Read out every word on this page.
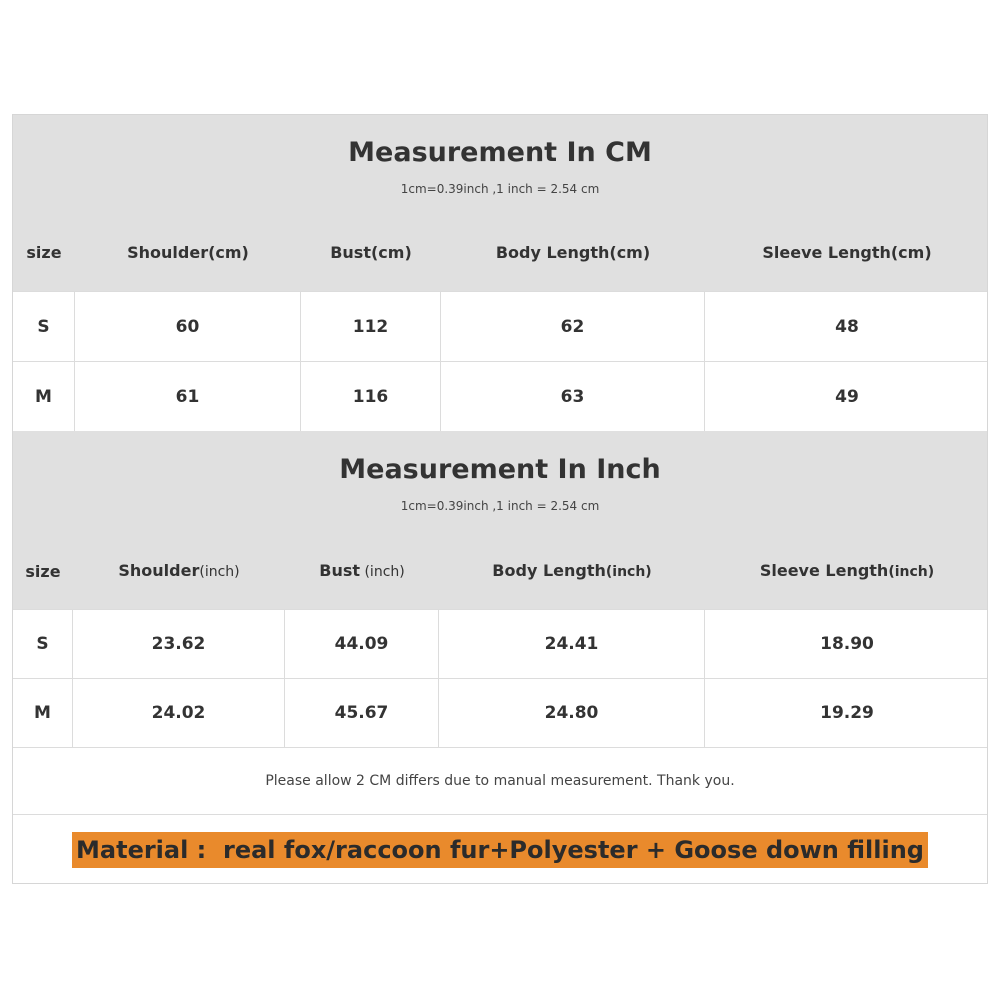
Measurement In CM
1cm=0.39inch ,1 inch = 2.54 cm
size	Shoulder(cm)	Bust(cm)	Body Length(cm)	Sleeve Length(cm)
S	60	112	62	48
M	61	116	63	49
Measurement In Inch
1cm=0.39inch ,1 inch = 2.54 cm
size	Shoulder(inch)	Bust (inch)	Body Length(inch)	Sleeve Length(inch)
S	23.62	44.09	24.41	18.90
M	24.02	45.67	24.80	19.29
Please allow 2 CM differs due to manual measurement. Thank you.
Material :  real fox/raccoon fur+Polyester + Goose down filling
